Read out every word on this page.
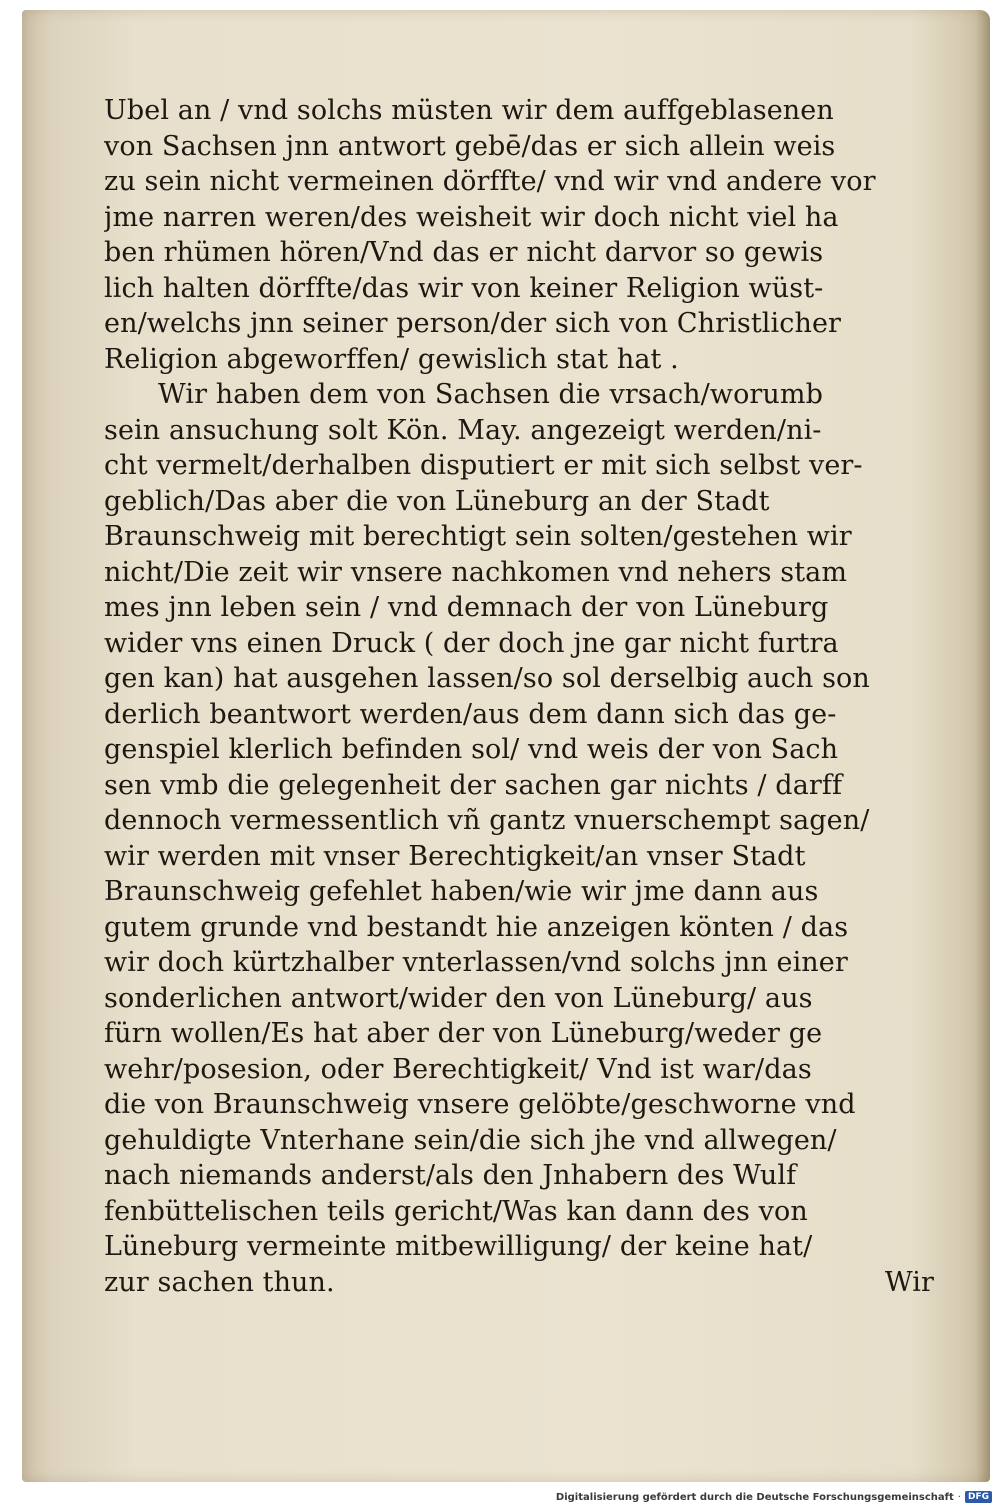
Ubel an / vnd solchs müsten wir dem auffgeblasenen
von Sachsen jnn antwort gebē/das er sich allein weis
zu sein nicht vermeinen dörffte/ vnd wir vnd andere vor
jme narren weren/des weisheit wir doch nicht viel ha
ben rhümen hören/Vnd das er nicht darvor so gewis
lich halten dörffte/das wir von keiner Religion wüst-
en/welchs jnn seiner person/der sich von Christlicher
Religion abgeworffen/ gewislich stat hat .
Wir haben dem von Sachsen die vrsach/worumb
sein ansuchung solt Kön. May. angezeigt werden/ni-
cht vermelt/derhalben disputiert er mit sich selbst ver-
geblich/Das aber die von Lüneburg an der Stadt
Braunschweig mit berechtigt sein solten/gestehen wir
nicht/Die zeit wir vnsere nachkomen vnd nehers stam
mes jnn leben sein / vnd demnach der von Lüneburg
wider vns einen Druck ( der doch jne gar nicht furtra
gen kan) hat ausgehen lassen/so sol derselbig auch son
derlich beantwort werden/aus dem dann sich das ge-
genspiel klerlich befinden sol/ vnd weis der von Sach
sen vmb die gelegenheit der sachen gar nichts / darff
dennoch vermessentlich vñ gantz vnuerschempt sagen/
wir werden mit vnser Berechtigkeit/an vnser Stadt
Braunschweig gefehlet haben/wie wir jme dann aus
gutem grunde vnd bestandt hie anzeigen könten / das
wir doch kürtzhalber vnterlassen/vnd solchs jnn einer
sonderlichen antwort/wider den von Lüneburg/ aus
fürn wollen/Es hat aber der von Lüneburg/weder ge
wehr/posesion, oder Berechtigkeit/ Vnd ist war/das
die von Braunschweig vnsere gelöbte/geschworne vnd
gehuldigte Vnterhane sein/die sich jhe vnd allwegen/
nach niemands anderst/als den Jnhabern des Wulf
fenbüttelischen teils gericht/Was kan dann des von
Lüneburg vermeinte mitbewilligung/ der keine hat/
zur sachen thun.	Wir
Digitalisierung gefördert durch die Deutsche Forschungsgemeinschaft · DFG
